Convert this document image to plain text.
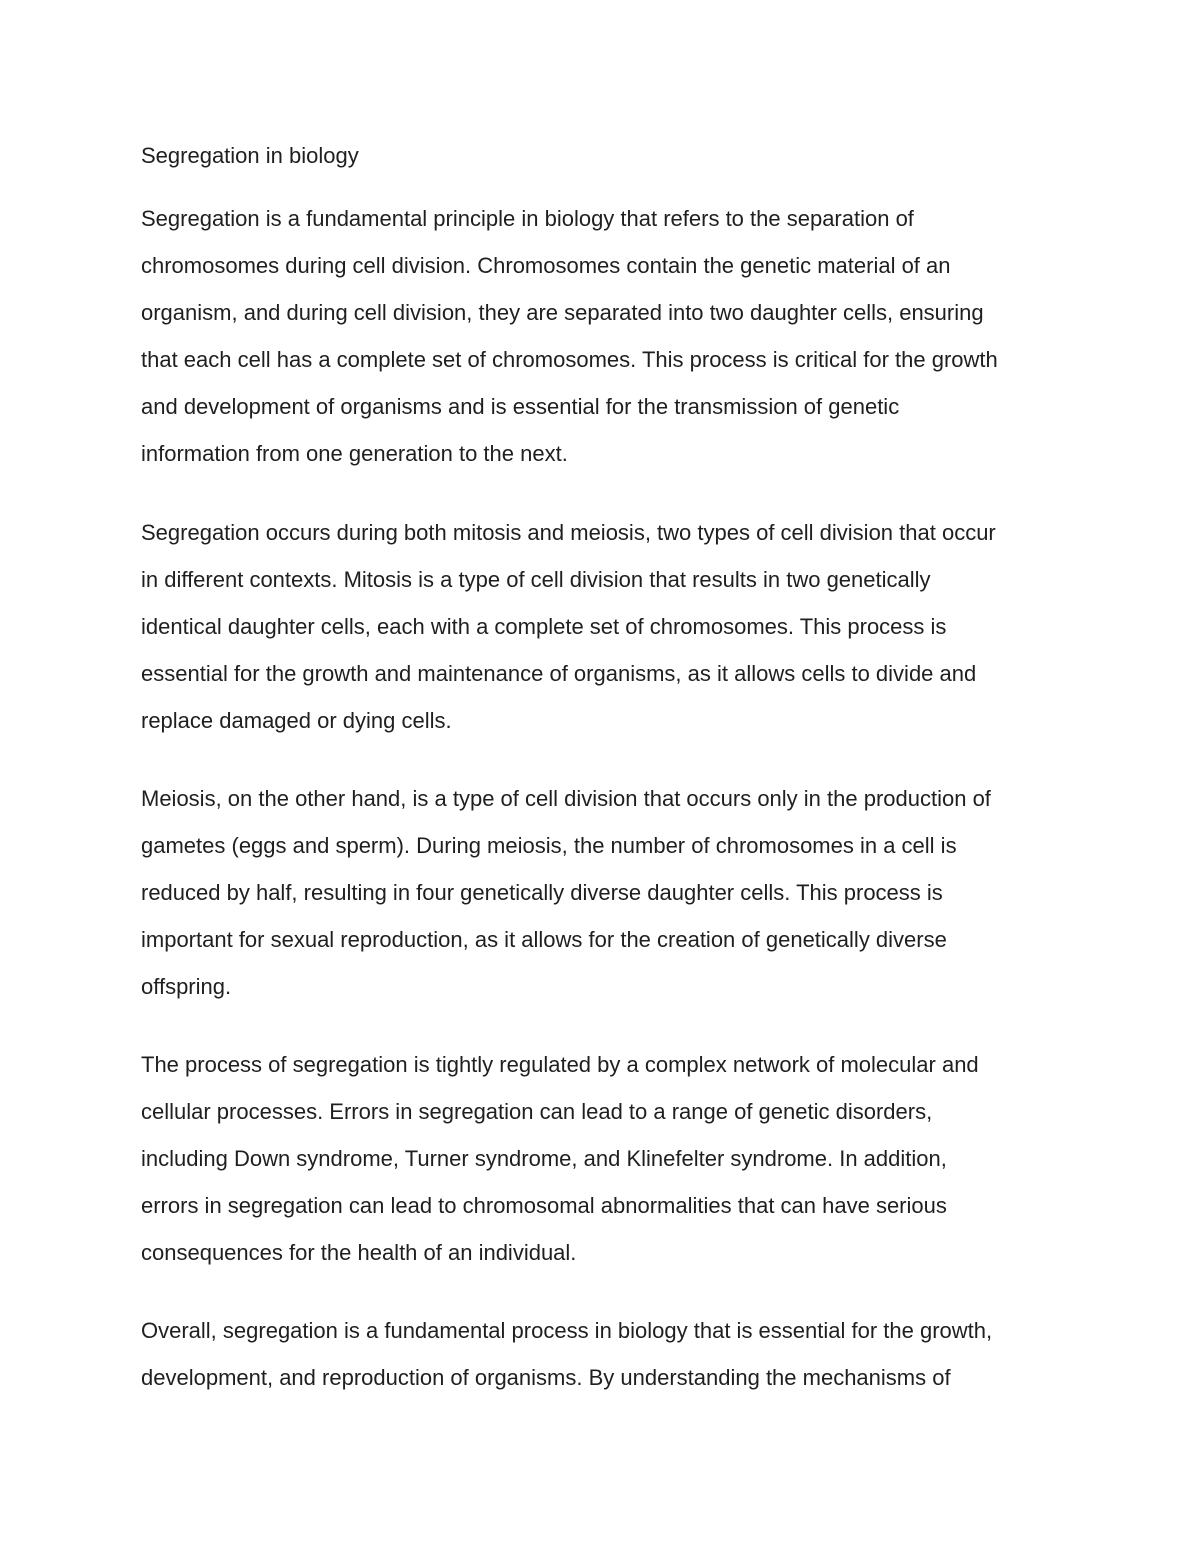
Segregation in biology

Segregation is a fundamental principle in biology that refers to the separation of
chromosomes during cell division. Chromosomes contain the genetic material of an
organism, and during cell division, they are separated into two daughter cells, ensuring
that each cell has a complete set of chromosomes. This process is critical for the growth
and development of organisms and is essential for the transmission of genetic
information from one generation to the next.

Segregation occurs during both mitosis and meiosis, two types of cell division that occur
in different contexts. Mitosis is a type of cell division that results in two genetically
identical daughter cells, each with a complete set of chromosomes. This process is
essential for the growth and maintenance of organisms, as it allows cells to divide and
replace damaged or dying cells.

Meiosis, on the other hand, is a type of cell division that occurs only in the production of
gametes (eggs and sperm). During meiosis, the number of chromosomes in a cell is
reduced by half, resulting in four genetically diverse daughter cells. This process is
important for sexual reproduction, as it allows for the creation of genetically diverse
offspring.

The process of segregation is tightly regulated by a complex network of molecular and
cellular processes. Errors in segregation can lead to a range of genetic disorders,
including Down syndrome, Turner syndrome, and Klinefelter syndrome. In addition,
errors in segregation can lead to chromosomal abnormalities that can have serious
consequences for the health of an individual.

Overall, segregation is a fundamental process in biology that is essential for the growth,
development, and reproduction of organisms. By understanding the mechanisms of
